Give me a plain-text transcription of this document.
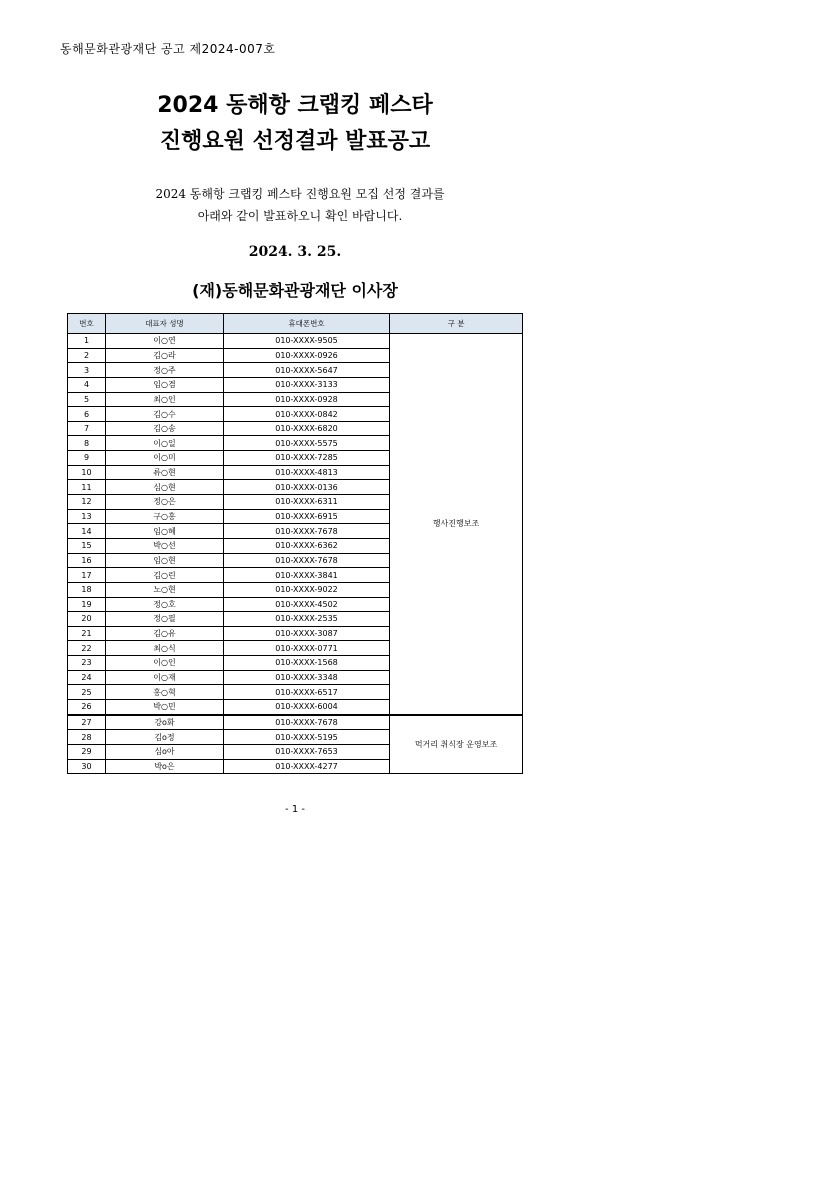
동해문화관광재단 공고 제2024-007호
2024 동해항 크랩킹 페스타
진행요원 선정결과 발표공고
2024 동해항 크랩킹 페스타 진행요원 모집 선정 결과를
아래와 같이 발표하오니 확인 바랍니다.
2024. 3. 25.
(재)동해문화관광재단 이사장
번호	대표자 성명	휴대폰번호	구 분
1	이○연	010-XXXX-9505	행사진행보조
2	김○라	010-XXXX-0926	
3	정○주	010-XXXX-5647	
4	임○겸	010-XXXX-3133	
5	최○인	010-XXXX-0928	
6	김○수	010-XXXX-0842	
7	김○송	010-XXXX-6820	
8	이○일	010-XXXX-5575	
9	이○미	010-XXXX-7285	
10	류○현	010-XXXX-4813	
11	심○현	010-XXXX-0136	
12	정○은	010-XXXX-6311	
13	구○홍	010-XXXX-6915	
14	임○혜	010-XXXX-7678	
15	박○선	010-XXXX-6362	
16	임○현	010-XXXX-7678	
17	김○린	010-XXXX-3841	
18	노○현	010-XXXX-9022	
19	정○호	010-XXXX-4502	
20	정○필	010-XXXX-2535	
21	김○유	010-XXXX-3087	
22	최○식	010-XXXX-0771	
23	이○인	010-XXXX-1568	
24	이○재	010-XXXX-3348	
25	홍○혁	010-XXXX-6517	
26	박○민	010-XXXX-6004	
27	강o화	010-XXXX-7678	먹거리 취식장 운영보조
28	김o정	010-XXXX-5195	
29	심o아	010-XXXX-7653	
30	박o은	010-XXXX-4277	
- 1 -
